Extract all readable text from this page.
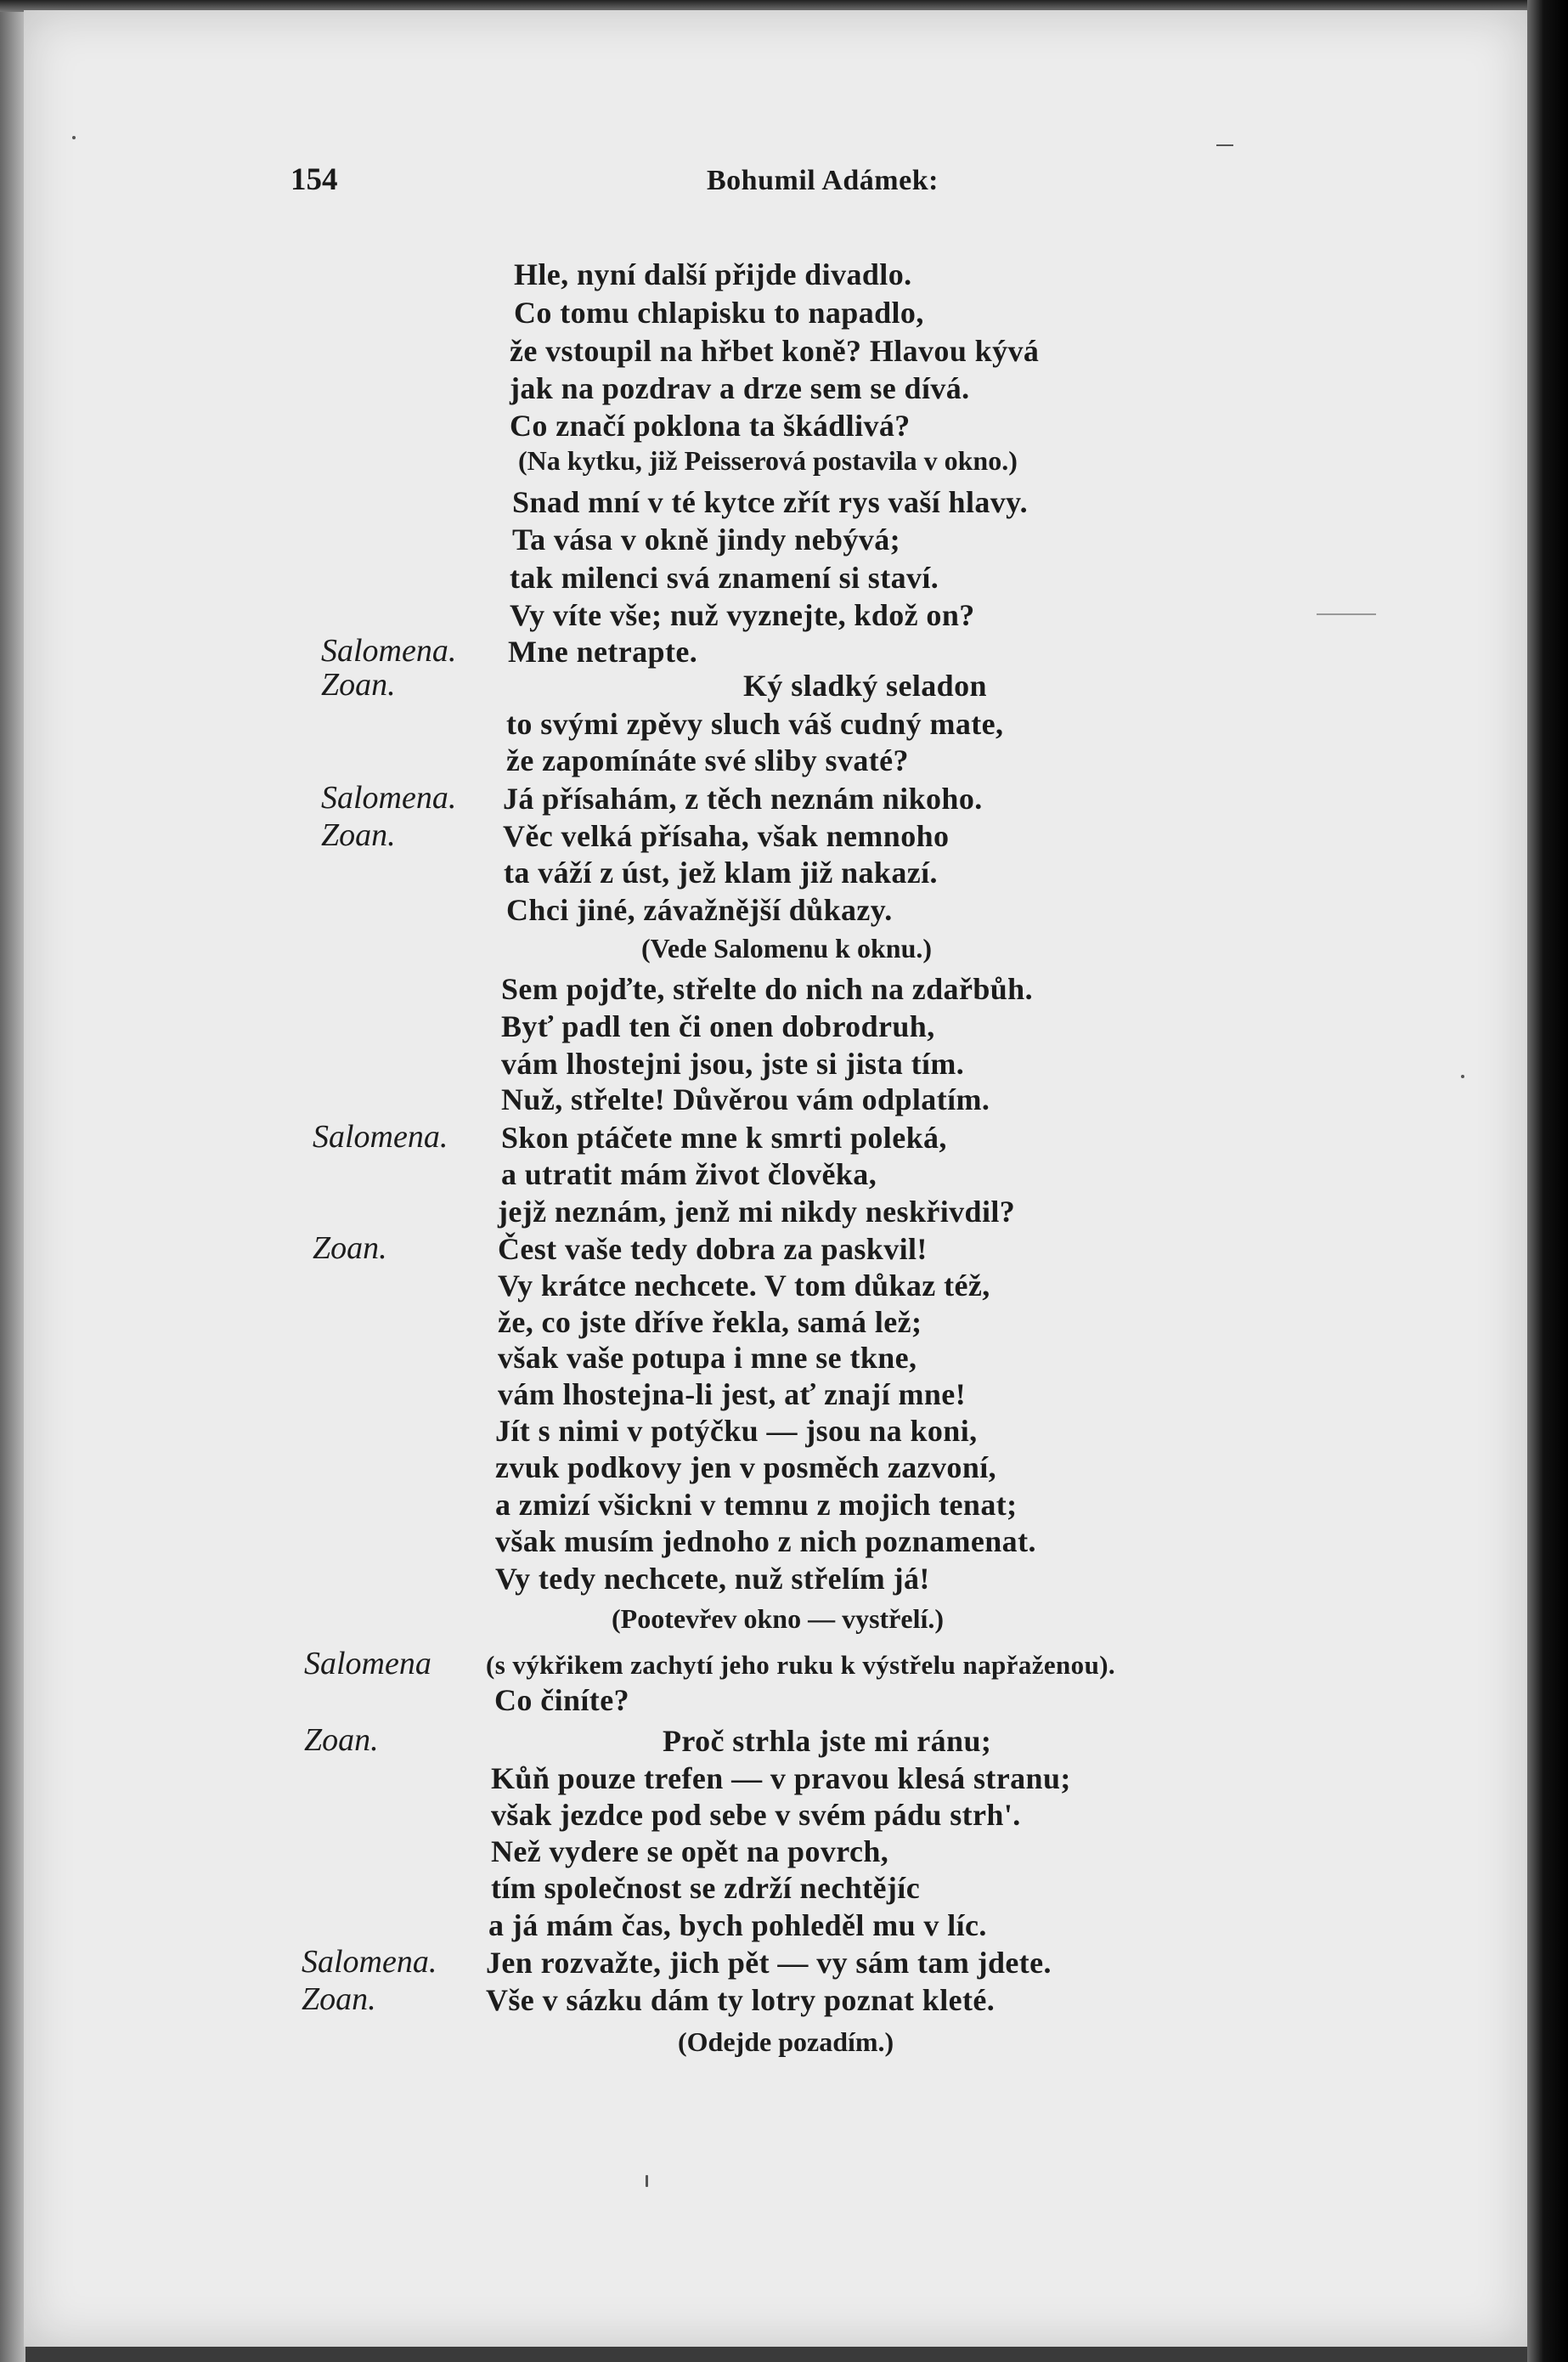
154	Bohumil Adámek:
Hle, nyní další přijde divadlo.
Co tomu chlapisku to napadlo,
že vstoupil na hřbet koně? Hlavou kývá
jak na pozdrav a drze sem se dívá.
Co značí poklona ta škádlivá?
(Na kytku, již Peisserová postavila v okno.)
Snad mní v té kytce zřít rys vaší hlavy.
Ta vása v okně jindy nebývá;
tak milenci svá znamení si staví.
Vy víte vše; nuž vyznejte, kdož on?
Salomena. Mne netrapte.
Zoan.	Ký sladký seladon
to svými zpěvy sluch váš cudný mate,
že zapomínáte své sliby svaté?
Salomena. Já přísahám, z těch neznám nikoho.
Zoan.	Věc velká přísaha, však nemnoho
ta váží z úst, jež klam již nakazí.
Chci jiné, závažnější důkazy.
(Vede Salomenu k oknu.)
Sem pojďte, střelte do nich na zdařbůh.
Byť padl ten či onen dobrodruh,
vám lhostejni jsou, jste si jista tím.
Nuž, střelte! Důvěrou vám odplatím.
Salomena. Skon ptáčete mne k smrti poleká,
a utratit mám život člověka,
jejž neznám, jenž mi nikdy neskřivdil?
Zoan.	Čest vaše tedy dobra za paskvil!
Vy krátce nechcete. V tom důkaz též,
že, co jste dříve řekla, samá lež;
však vaše potupa i mne se tkne,
vám lhostejna-li jest, ať znají mne!
Jít s nimi v potýčku — jsou na koni,
zvuk podkovy jen v posměch zazvoní,
a zmizí všickni v temnu z mojich tenat;
však musím jednoho z nich poznamenat.
Vy tedy nechcete, nuž střelím já!
(Pootevřev okno — vystřelí.)
Salomena (s výkřikem zachytí jeho ruku k výstřelu napřaženou).
Co činíte?
Zoan.	Proč strhla jste mi ránu;
Kůň pouze trefen — v pravou klesá stranu;
však jezdce pod sebe v svém pádu strh'.
Než vydere se opět na povrch,
tím společnost se zdrží nechtějíc
a já mám čas, bych pohleděl mu v líc.
Salomena. Jen rozvažte, jich pět — vy sám tam jdete.
Zoan.	Vše v sázku dám ty lotry poznat kleté.
(Odejde pozadím.)
